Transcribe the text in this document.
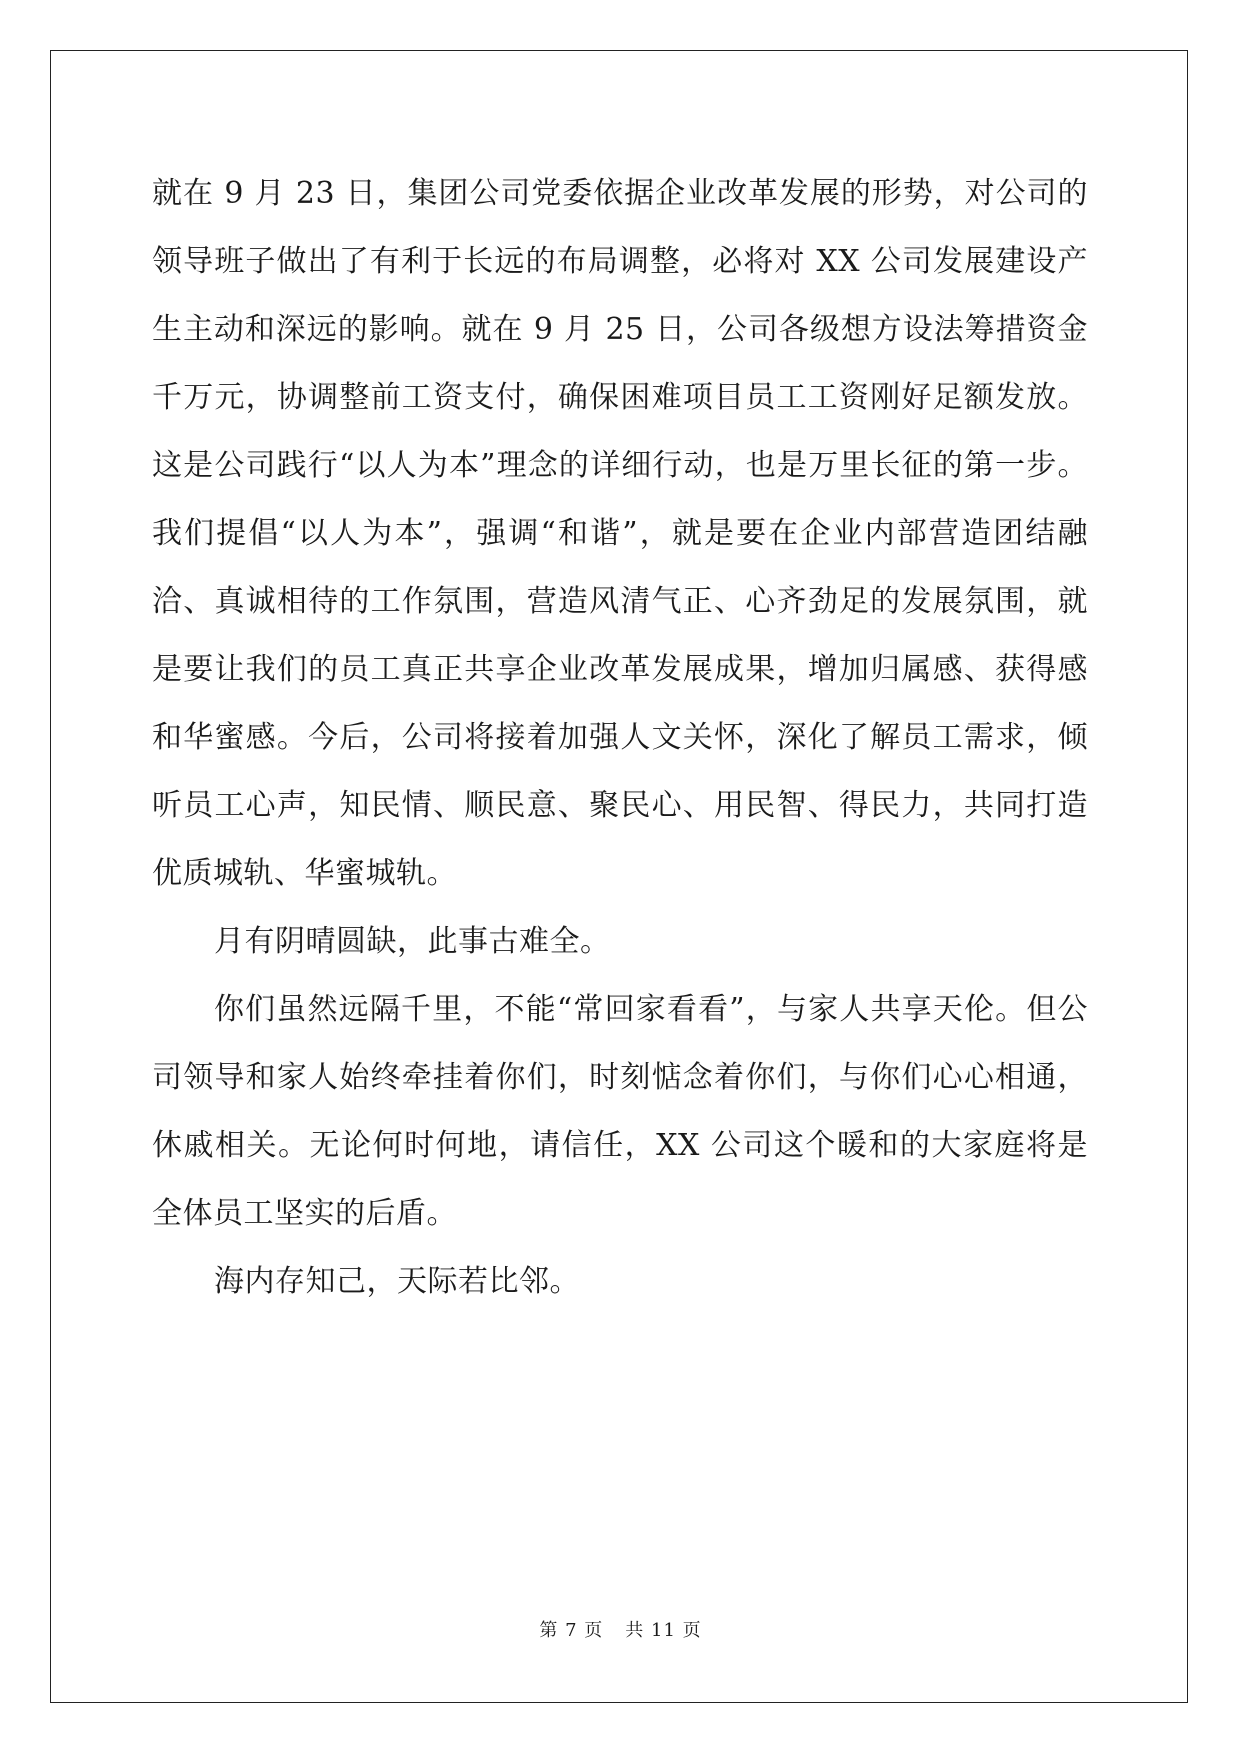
就在 9 月 23 日，集团公司党委依据企业改革发展的形势，对公司的领导班子做出了有利于长远的布局调整，必将对 XX 公司发展建设产生主动和深远的影响。就在 9 月 25 日，公司各级想方设法筹措资金千万元，协调整前工资支付，确保困难项目员工工资刚好足额发放。这是公司践行“以人为本”理念的详细行动，也是万里长征的第一步。我们提倡“以人为本”，强调“和谐”，就是要在企业内部营造团结融洽、真诚相待的工作氛围，营造风清气正、心齐劲足的发展氛围，就是要让我们的员工真正共享企业改革发展成果，增加归属感、获得感和华蜜感。今后，公司将接着加强人文关怀，深化了解员工需求，倾听员工心声，知民情、顺民意、聚民心、用民智、得民力，共同打造优质城轨、华蜜城轨。

月有阴晴圆缺，此事古难全。

你们虽然远隔千里，不能“常回家看看”，与家人共享天伦。但公司领导和家人始终牵挂着你们，时刻惦念着你们，与你们心心相通，休戚相关。无论何时何地，请信任，XX 公司这个暖和的大家庭将是全体员工坚实的后盾。

海内存知己，天际若比邻。

第 7 页 共 11 页
